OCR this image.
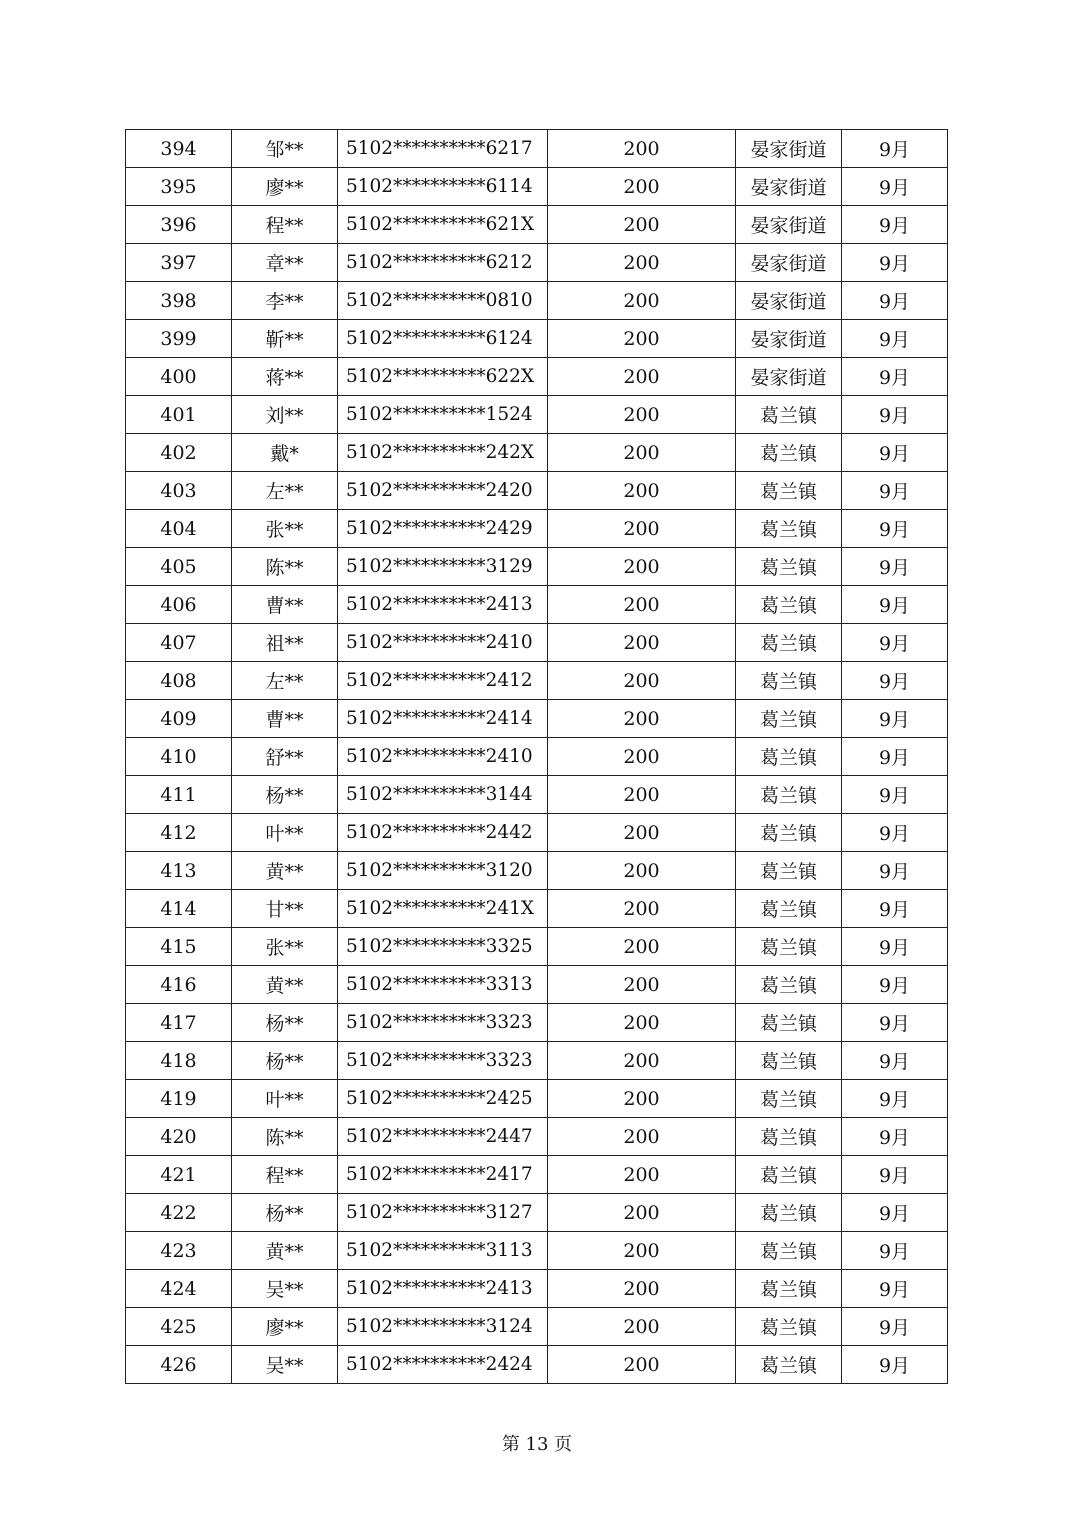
394	邹**	5102**********6217	200	晏家街道	9月
395	廖**	5102**********6114	200	晏家街道	9月
396	程**	5102**********621X	200	晏家街道	9月
397	章**	5102**********6212	200	晏家街道	9月
398	李**	5102**********0810	200	晏家街道	9月
399	靳**	5102**********6124	200	晏家街道	9月
400	蒋**	5102**********622X	200	晏家街道	9月
401	刘**	5102**********1524	200	葛兰镇	9月
402	戴*	5102**********242X	200	葛兰镇	9月
403	左**	5102**********2420	200	葛兰镇	9月
404	张**	5102**********2429	200	葛兰镇	9月
405	陈**	5102**********3129	200	葛兰镇	9月
406	曹**	5102**********2413	200	葛兰镇	9月
407	祖**	5102**********2410	200	葛兰镇	9月
408	左**	5102**********2412	200	葛兰镇	9月
409	曹**	5102**********2414	200	葛兰镇	9月
410	舒**	5102**********2410	200	葛兰镇	9月
411	杨**	5102**********3144	200	葛兰镇	9月
412	叶**	5102**********2442	200	葛兰镇	9月
413	黄**	5102**********3120	200	葛兰镇	9月
414	甘**	5102**********241X	200	葛兰镇	9月
415	张**	5102**********3325	200	葛兰镇	9月
416	黄**	5102**********3313	200	葛兰镇	9月
417	杨**	5102**********3323	200	葛兰镇	9月
418	杨**	5102**********3323	200	葛兰镇	9月
419	叶**	5102**********2425	200	葛兰镇	9月
420	陈**	5102**********2447	200	葛兰镇	9月
421	程**	5102**********2417	200	葛兰镇	9月
422	杨**	5102**********3127	200	葛兰镇	9月
423	黄**	5102**********3113	200	葛兰镇	9月
424	吴**	5102**********2413	200	葛兰镇	9月
425	廖**	5102**********3124	200	葛兰镇	9月
426	吴**	5102**********2424	200	葛兰镇	9月
第 13 页
